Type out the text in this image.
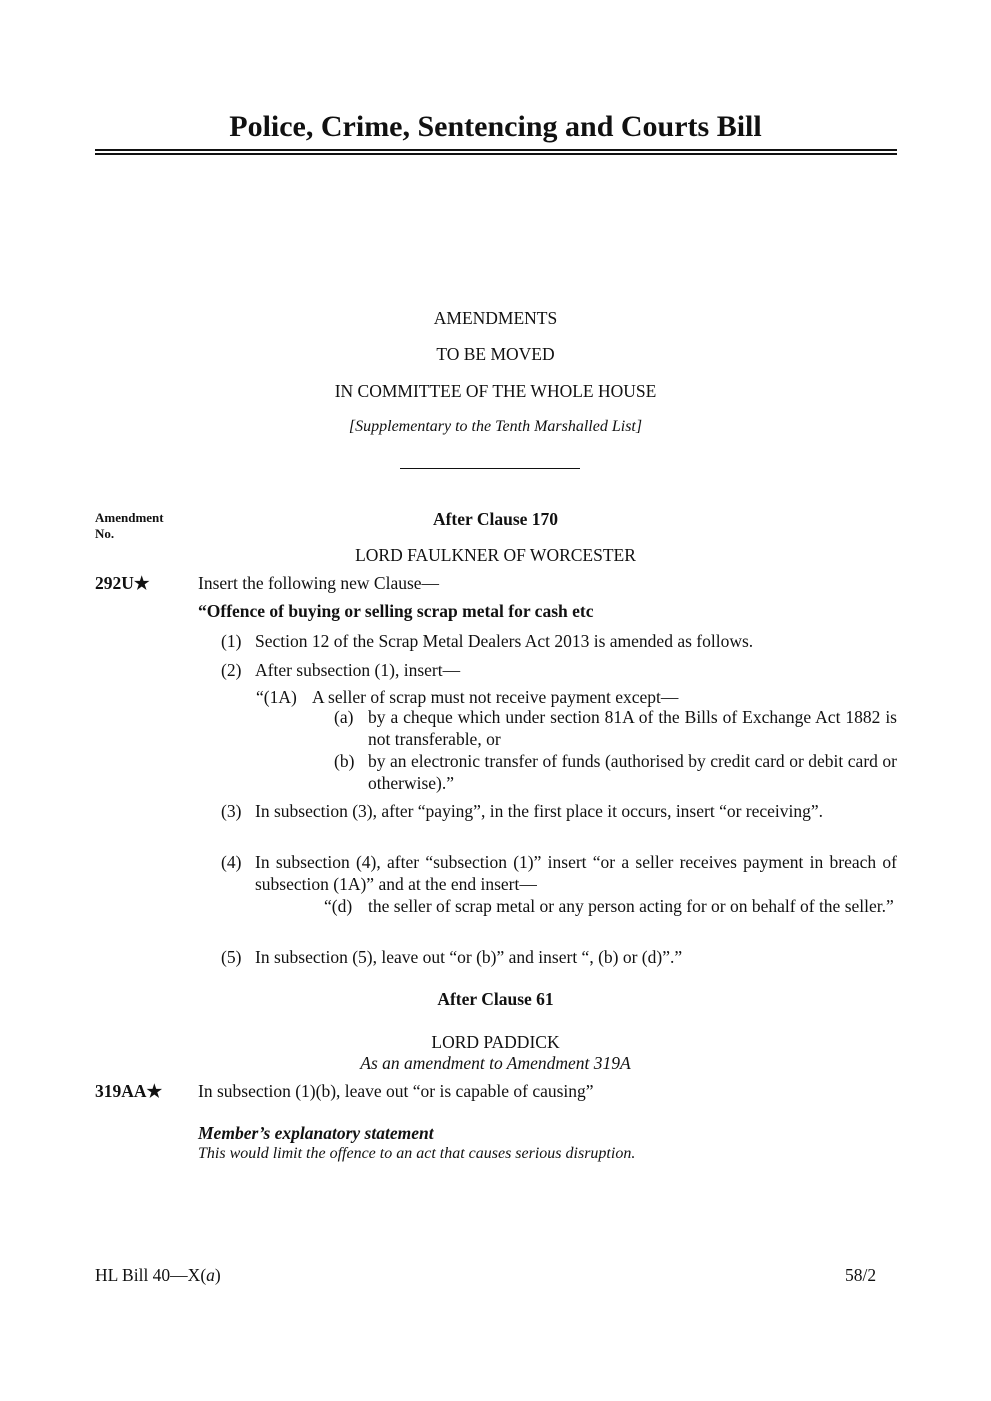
Police, Crime, Sentencing and Courts Bill
AMENDMENTS
TO BE MOVED
IN COMMITTEE OF THE WHOLE HOUSE
[Supplementary to the Tenth Marshalled List]
Amendment No.
After Clause 170
LORD FAULKNER OF WORCESTER
292U★	Insert the following new Clause—
“Offence of buying or selling scrap metal for cash etc
(1) Section 12 of the Scrap Metal Dealers Act 2013 is amended as follows.
(2) After subsection (1), insert—
“(1A) A seller of scrap must not receive payment except—
(a) by a cheque which under section 81A of the Bills of Exchange Act 1882 is not transferable, or
(b) by an electronic transfer of funds (authorised by credit card or debit card or otherwise).”
(3) In subsection (3), after “paying”, in the first place it occurs, insert “or receiving”.
(4) In subsection (4), after “subsection (1)” insert “or a seller receives payment in breach of subsection (1A)” and at the end insert—
“(d) the seller of scrap metal or any person acting for or on behalf of the seller.”
(5) In subsection (5), leave out “or (b)” and insert “, (b) or (d)”.”
After Clause 61
LORD PADDICK
As an amendment to Amendment 319A
319AA★ In subsection (1)(b), leave out “or is capable of causing”
Member’s explanatory statement
This would limit the offence to an act that causes serious disruption.
HL Bill 40—X(a)	58/2
